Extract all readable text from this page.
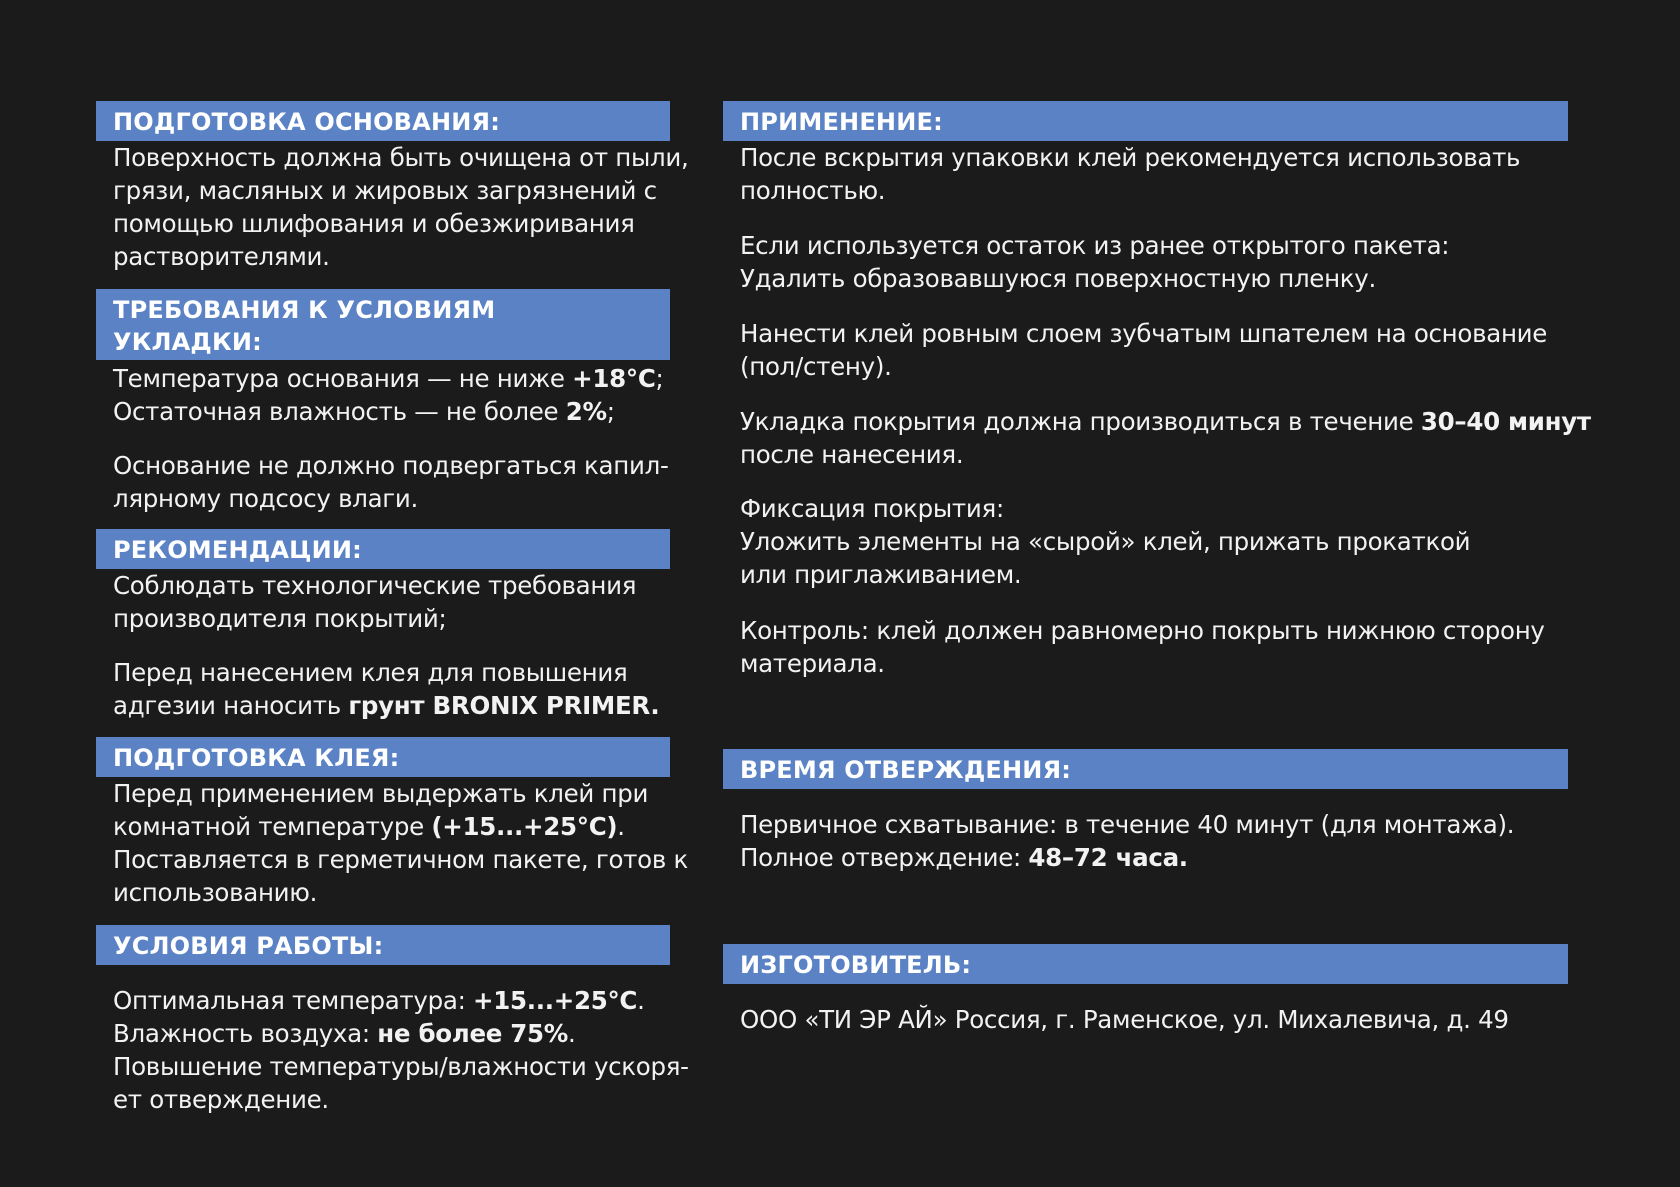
ПОДГОТОВКА ОСНОВАНИЯ:
Поверхность должна быть очищена от пыли,
грязи, масляных и жировых загрязнений с
помощью шлифования и обезжиривания
растворителями.
ТРЕБОВАНИЯ К УСЛОВИЯМ
УКЛАДКИ:
Температура основания — не ниже +18°C;
Остаточная влажность — не более 2%;
Основание не должно подвергаться капил-
лярному подсосу влаги.
РЕКОМЕНДАЦИИ:
Соблюдать технологические требования
производителя покрытий;
Перед нанесением клея для повышения
адгезии наносить грунт BRONIX PRIMER.
ПОДГОТОВКА КЛЕЯ:
Перед применением выдержать клей при
комнатной температуре (+15...+25°C).
Поставляется в герметичном пакете, готов к
использованию.
УСЛОВИЯ РАБОТЫ:
Оптимальная температура: +15...+25°C.
Влажность воздуха: не более 75%.
Повышение температуры/влажности ускоря-
ет отверждение.
ПРИМЕНЕНИЕ:
После вскрытия упаковки клей рекомендуется использовать
полностью.
Если используется остаток из ранее открытого пакета:
Удалить образовавшуюся поверхностную пленку.
Нанести клей ровным слоем зубчатым шпателем на основание
(пол/стену).
Укладка покрытия должна производиться в течение 30–40 минут
после нанесения.
Фиксация покрытия:
Уложить элементы на «сырой» клей, прижать прокаткой
или приглаживанием.
Контроль: клей должен равномерно покрыть нижнюю сторону
материала.
ВРЕМЯ ОТВЕРЖДЕНИЯ:
Первичное схватывание: в течение 40 минут (для монтажа).
Полное отверждение: 48–72 часа.
ИЗГОТОВИТЕЛЬ:
ООО «ТИ ЭР АЙ» Россия, г. Раменское, ул. Михалевича, д. 49
